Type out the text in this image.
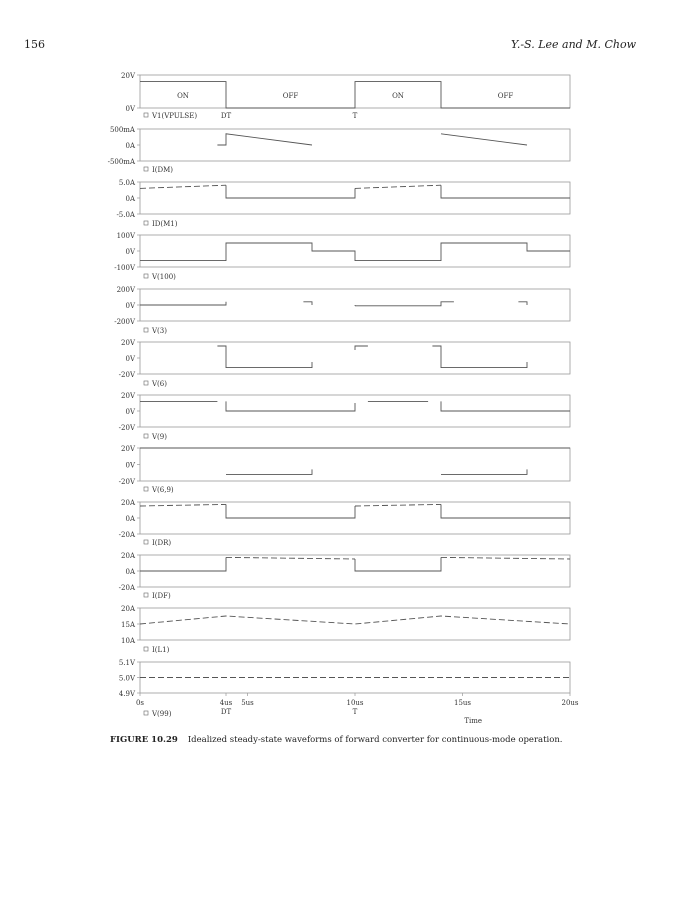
156	Y.-S. Lee and M. Chow
20V
0V
ON	OFF	ON	OFF
V1(VPULSE)
500mA
0A
-500mA
I(DM)
5.0A
0A
-5.0A
ID(M1)
100V
0V
-100V
V(100)
200V
0V
-200V
V(3)
20V
0V
-20V
V(6)
20V
0V
-20V
V(9)
20V
0V
-20V
V(6,9)
20A
0A
-20A
I(DR)
20A
0A
-20A
I(DF)
20A
15A
10A
I(L1)
5.1V
5.0V
4.9V
V(99)
0s	4us 5us	10us	15us	20us
DT
DT
T
T
Time
FIGURE 10.29 Idealized steady-state waveforms of forward converter for continuous-mode operation.
